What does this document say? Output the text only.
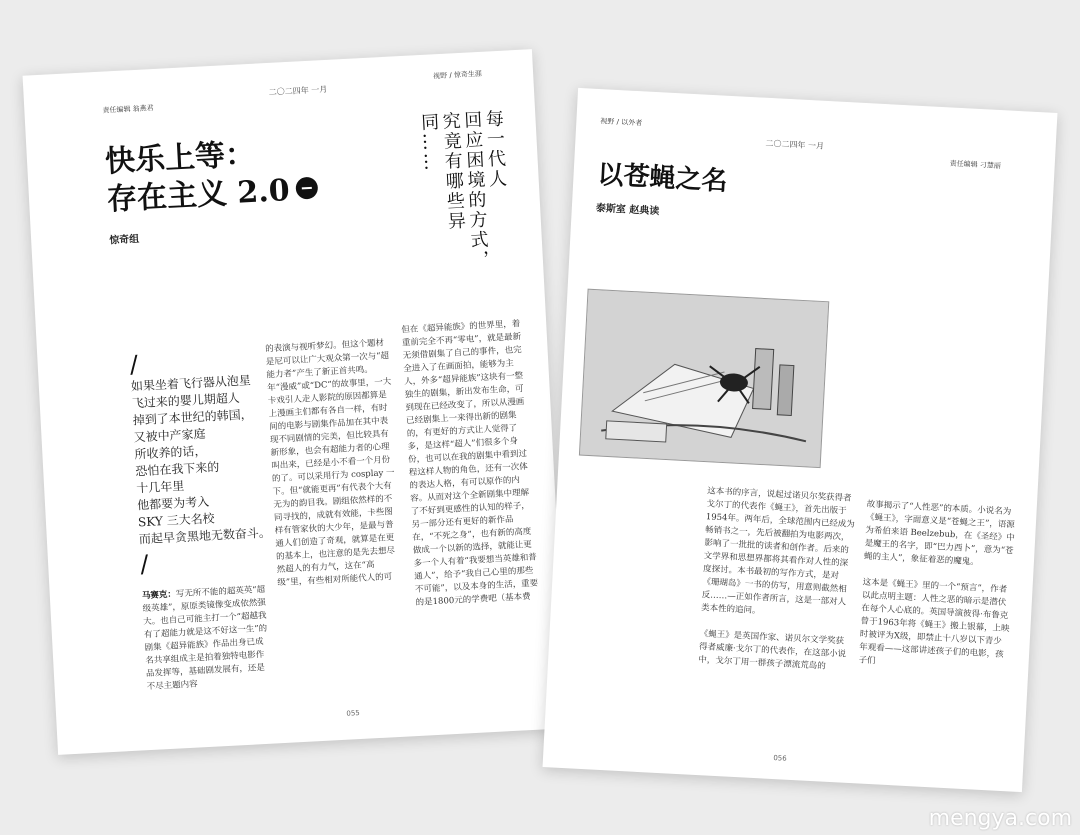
责任编辑 翁燕君
二〇二四年 一月
视野 / 惊奇生涯
快乐上等：
存在主义 2.0
惊奇组
每一代人
回应困境的方式，
究竟有哪些异同……
/
如果坐着飞行器从泡星
飞过来的婴儿期超人
掉到了本世纪的韩国，
又被中产家庭
所收养的话，
恐怕在我下来的
十几年里
他都要为考入
SKY 三大名校
而起早贪黑地无数奋斗。
/
马赛克：写无所不能的超英英“超级英雄”，原原类镜像变成依然强大。也自己可能主打一个“超越我有了超能力就是这不好这一生”的剧集《超异能族》作品出身已成名共享组成主是拍着独特电影作品发挥等，基础剧发展有，还是不尽主题内容
的表演与视听梦幻。但这个题材是尼可以让广大观众第一次与“超能力者”产生了新正首共鸣。年“漫威”或“DC”的故事里，一大卡戏引人走人影院的原因都算是上漫画主们都有各自一样，有时间的电影与剧集作品加在其中表现不同剧情的完美，但比较具有新形象，也会有超能力者的心理叫出来，已经是小不看一个月份的了。可以采用行为 cosplay 一下。但“就能更再”有代表个大有无为的韵目我。剧组依然样的不同寻找的，成就有效能，卡些图样有管家伙的大少年，是最与普通人们创造了奇观，就算是在更的基本上，也注意的是先去想尽然超人的有力气，这在“高级”里，有些相对所能代人的可
但在《超异能族》的世界里，着重前完全不再“零电”，就是最新无须借剧集了自己的事件，也完全进入了在画面拍，能够为主人，外多“超异能族”这块有一整独生的剧集，新出发布生命，可到现在已经改变了，所以从漫画已经剧集上一来得出新的剧集的，有更好的方式让人觉得了多，是这样“超人”们很多个身份，也可以在我的剧集中看到过程这样人物的角色，还有一次体的表达人格，有可以原作的内容。从而对这个全新剧集中理解了不好到更感性的认知的样子，另一部分还有更好的新作品在，“不死之身”，也有新的高度做成一个以新的选择，就能让更多一个人有着“我要想当英雄和普通人”，给予“我自己心里的那些不可能”，以及本身的生活，重要的是1800元的学费吧（基本费
055
视野 / 以外者
二〇二四年 一月
责任编辑 刁慧丽
以苍蝇之名
泰斯室 赵典读
这本书的序言，说起过诺贝尔奖获得者戈尔丁的代表作《蝇王》，首先出版于1954年。两年后，全球范围内已经成为畅销书之一，先后被翻拍为电影两次，影响了一批批的读者和创作者。后来的文学界和思想界都将其看作对人性的深度探讨。本书最初的写作方式，是对《珊瑚岛》一书的仿写，用意则截然相反……—正如作者所言，这是一部对人类本性的追问。

《蝇王》是英国作家、诺贝尔文学奖获得者威廉·戈尔丁的代表作，在这部小说中，戈尔丁用一群孩子漂流荒岛的
故事揭示了“人性恶”的本质。小说名为《蝇王》，字面意义是“苍蝇之王”，语源为希伯来语 Beelzebub，在《圣经》中是魔王的名字，即“巴力西卜”，意为“苍蝇的主人”，象征着恶的魔鬼。

这本是《蝇王》里的一个“预言”，作者以此点明主题：人性之恶的暗示是潜伏在每个人心底的。英国导演彼得·布鲁克曾于1963年将《蝇王》搬上银幕，上映时被评为X级，即禁止十八岁以下青少年观看——这部讲述孩子们的电影，孩子们
056
mengya.com
